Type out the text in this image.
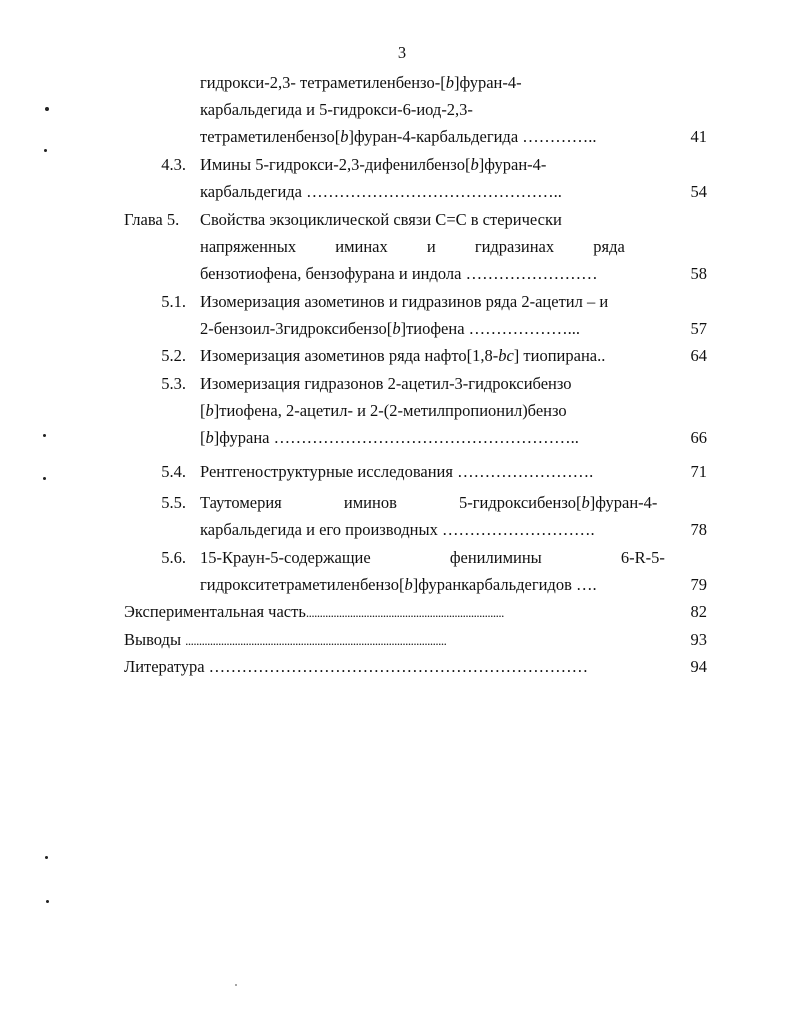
3
гидрокси-2,3- тетраметиленбензо-[b]фуран-4-
карбальдегида и 5-гидрокси-6-иод-2,3-
тетраметиленбензо[b]фуран-4-карбальдегида …………..	41
4.3. Имины 5-гидрокси-2,3-дифенилбензо[b]фуран-4-
карбальдегида ………………………………………..	54
Глава 5. Свойства экзоциклической связи С=С в стерически
напряженных иминах и гидразинах ряда
бензотиофена, бензофурана и индола ……………………	58
5.1. Изомеризация азометинов и гидразинов ряда 2-ацетил – и
2-бензоил-3гидроксибензо[b]тиофена ………………...	57
5.2. Изомеризация азометинов ряда нафто[1,8-bc] тиопирана..	64
5.3. Изомеризация гидразонов 2-ацетил-3-гидроксибензо
[b]тиофена, 2-ацетил- и 2-(2-метилпропионил)бензо
[b]фурана ………………………………………………..	66
5.4. Рентгеноструктурные исследования …………………….	71
5.5. Таутомерия иминов 5-гидроксибензо[b]фуран-4-
карбальдегида и его производных ……………………….	78
5.6. 15-Краун-5-содержащие фенилимины 6-R-5-
гидрокситетраметиленбензо[b]фуранкарбальдегидов ….	79
Экспериментальная часть........................................................................	82
Выводы ...............................................................................................	93
Литература ……………………………………………………………	94
